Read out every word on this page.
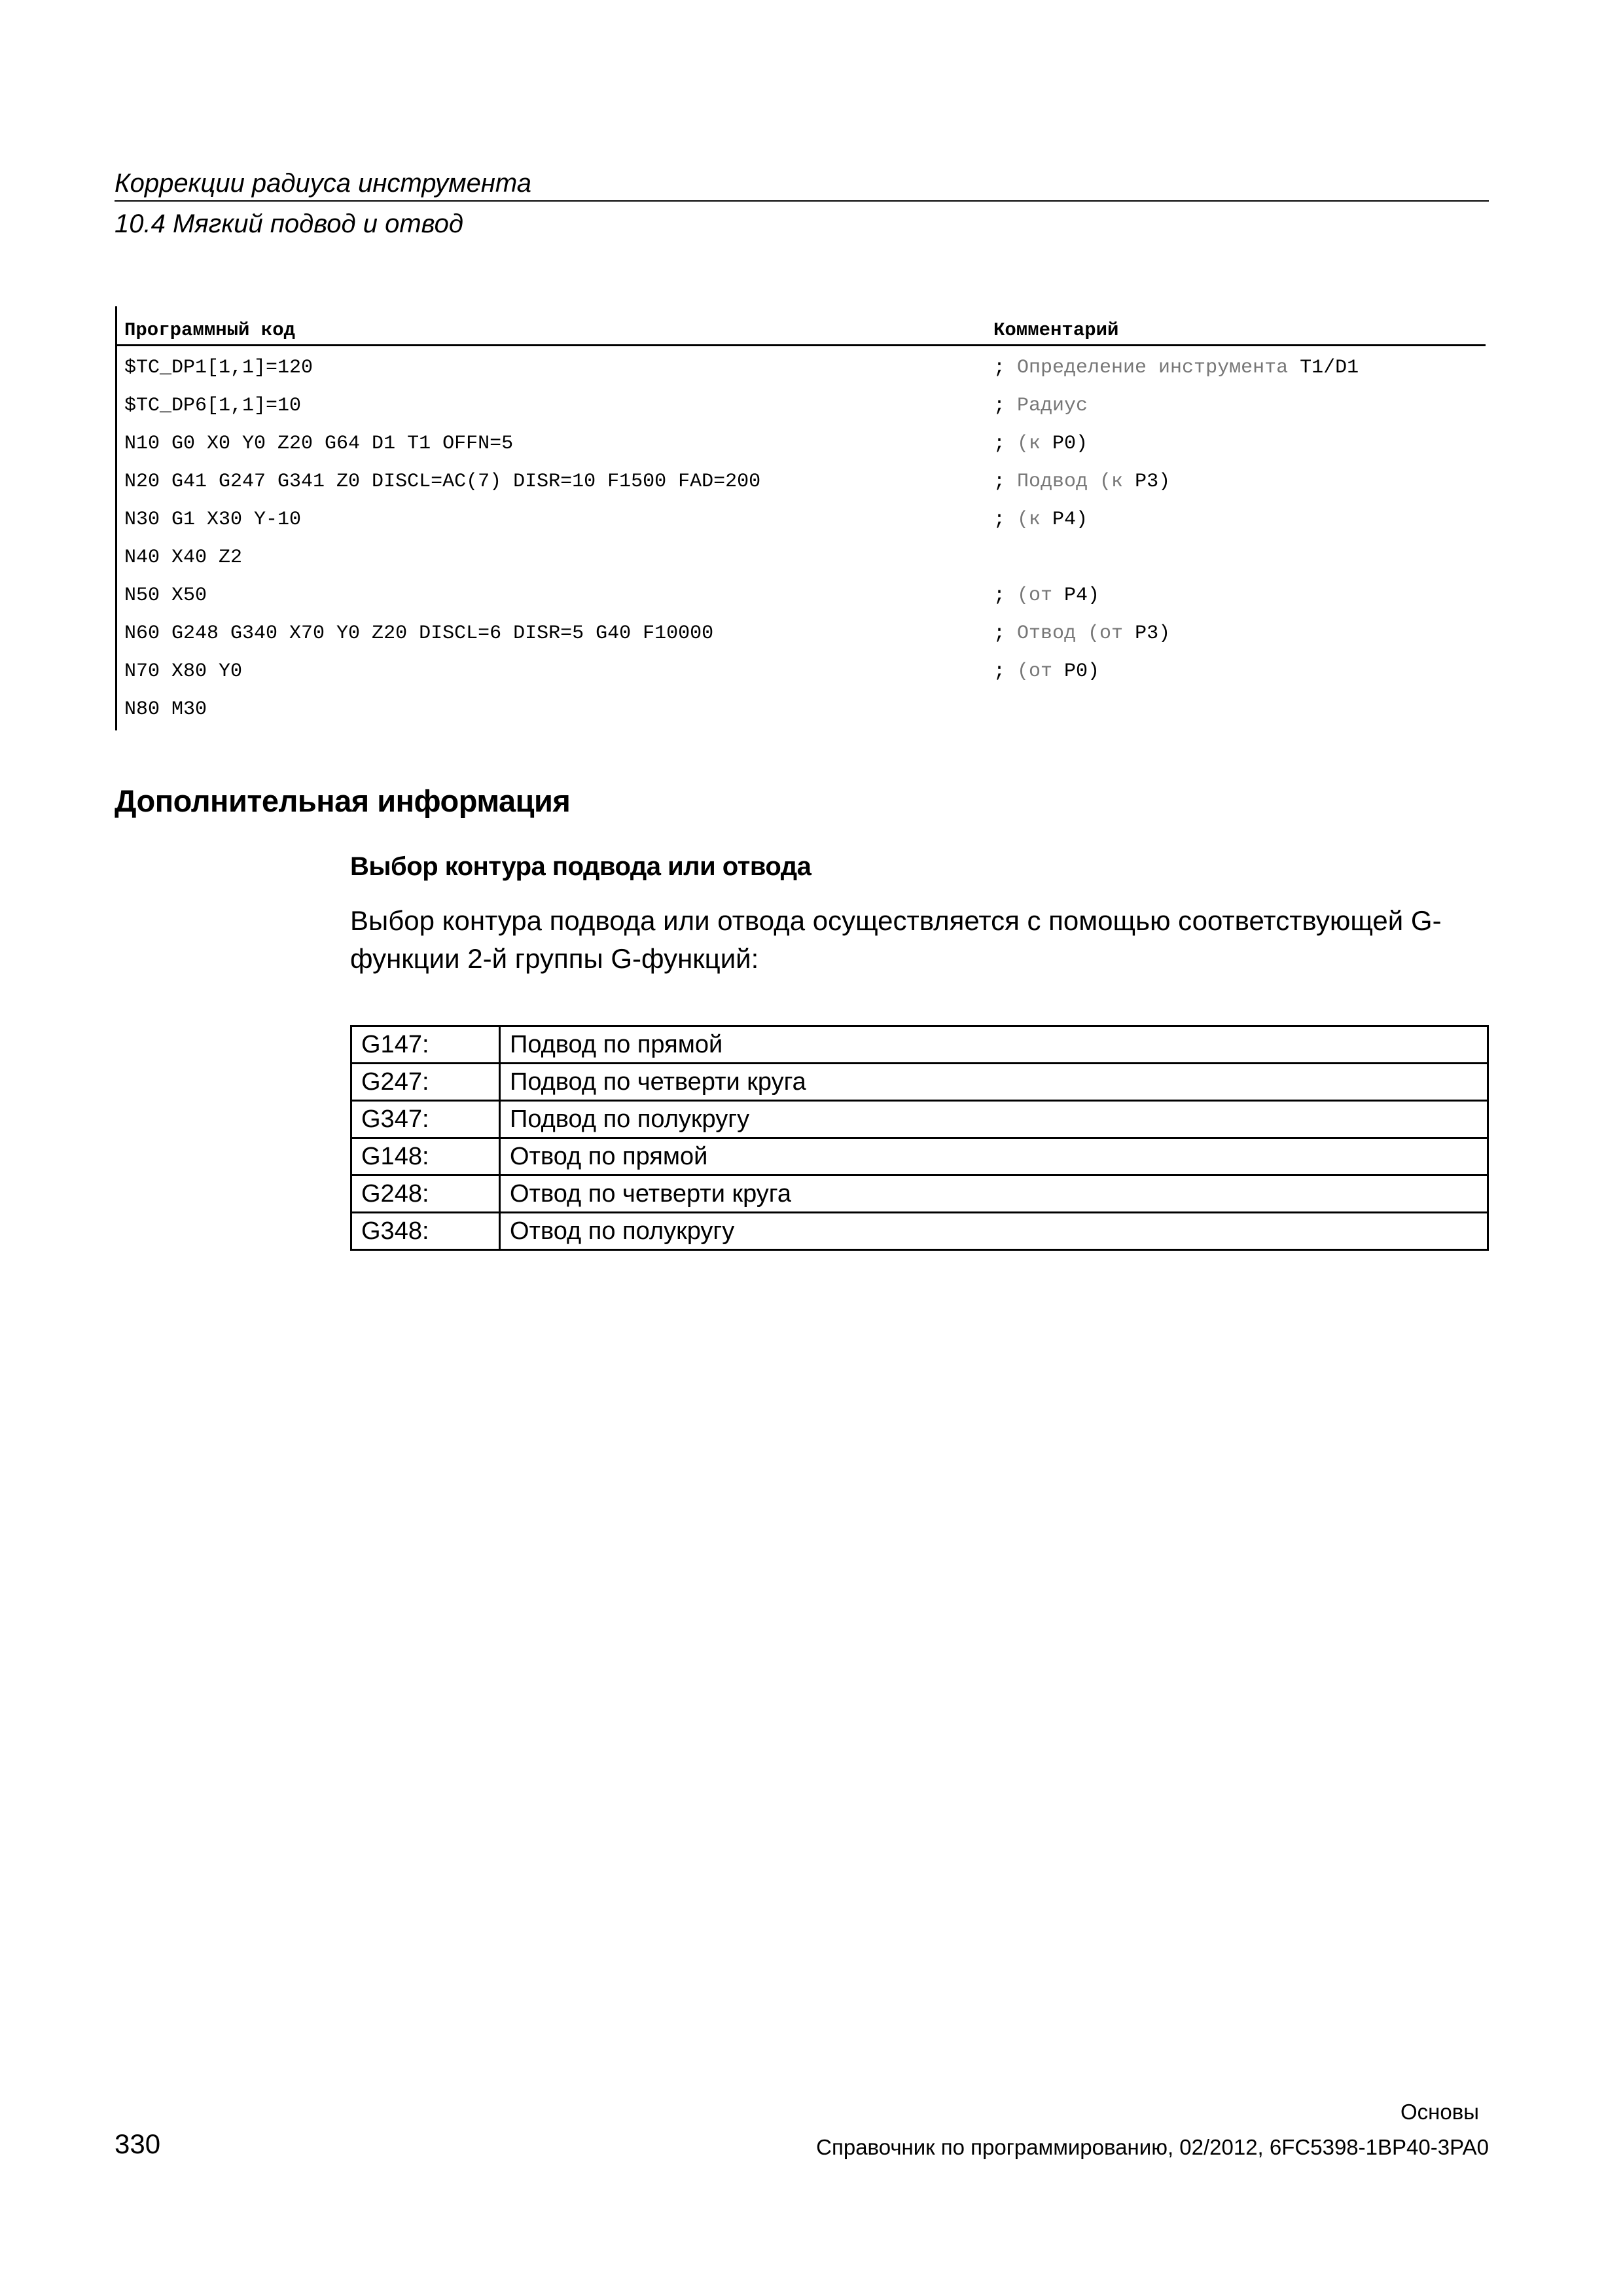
Коррекции радиуса инструмента
10.4 Мягкий подвод и отвод
Программный код	Комментарий
$TC_DP1[1,1]=120	; Определение инструмента T1/D1
$TC_DP6[1,1]=10	; Радиус
N10 G0 X0 Y0 Z20 G64 D1 T1 OFFN=5	; (к P0)
N20 G41 G247 G341 Z0 DISCL=AC(7) DISR=10 F1500 FAD=200	; Подвод (к P3)
N30 G1 X30 Y-10	; (к P4)
N40 X40 Z2
N50 X50	; (от P4)
N60 G248 G340 X70 Y0 Z20 DISCL=6 DISR=5 G40 F10000	; Отвод (от P3)
N70 X80 Y0	; (от P0)
N80 M30
Дополнительная информация
Выбор контура подвода или отвода
Выбор контура подвода или отвода осуществляется с помощью соответствующей G-функции 2-й группы G-функций:
G147:	Подвод по прямой
G247:	Подвод по четверти круга
G347:	Подвод по полукругу
G148:	Отвод по прямой
G248:	Отвод по четверти круга
G348:	Отвод по полукругу
Основы
330	Справочник по программированию, 02/2012, 6FC5398-1BP40-3PA0
